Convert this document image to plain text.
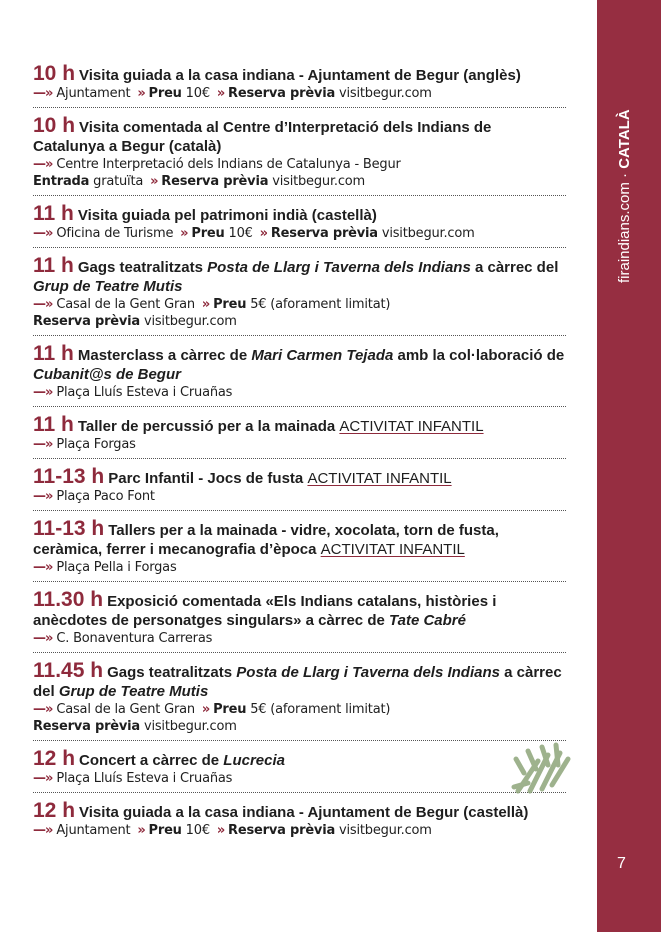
10 h Visita guiada a la casa indiana - Ajuntament de Begur (anglès)
—» Ajuntament » Preu 10€ » Reserva prèvia visitbegur.com
10 h Visita comentada al Centre d’Interpretació dels Indians de Catalunya a Begur (català)
—» Centre Interpretació dels Indians de Catalunya - Begur
Entrada gratuïta » Reserva prèvia visitbegur.com
11 h Visita guiada pel patrimoni indià (castellà)
—» Oficina de Turisme » Preu 10€ » Reserva prèvia visitbegur.com
11 h Gags teatralitzats Posta de Llarg i Taverna dels Indians a càrrec del Grup de Teatre Mutis
—» Casal de la Gent Gran » Preu 5€ (aforament limitat)
Reserva prèvia visitbegur.com
11 h Masterclass a càrrec de Mari Carmen Tejada amb la col·laboració de Cubanit@s de Begur
—» Plaça Lluís Esteva i Cruañas
11 h Taller de percussió per a la mainada ACTIVITAT INFANTIL
—» Plaça Forgas
11-13 h Parc Infantil - Jocs de fusta ACTIVITAT INFANTIL
—» Plaça Paco Font
11-13 h Tallers per a la mainada - vidre, xocolata, torn de fusta, ceràmica, ferrer i mecanografia d’època ACTIVITAT INFANTIL
—» Plaça Pella i Forgas
11.30 h Exposició comentada «Els Indians catalans, històries i anècdotes de personatges singulars» a càrrec de Tate Cabré
—» C. Bonaventura Carreras
11.45 h Gags teatralitzats Posta de Llarg i Taverna dels Indians a càrrec del Grup de Teatre Mutis
—» Casal de la Gent Gran » Preu 5€ (aforament limitat)
Reserva prèvia visitbegur.com
12 h Concert a càrrec de Lucrecia
—» Plaça Lluís Esteva i Cruañas
12 h Visita guiada a la casa indiana - Ajuntament de Begur (castellà)
—» Ajuntament » Preu 10€ » Reserva prèvia visitbegur.com
firaindians.com · CATALÀ
7
